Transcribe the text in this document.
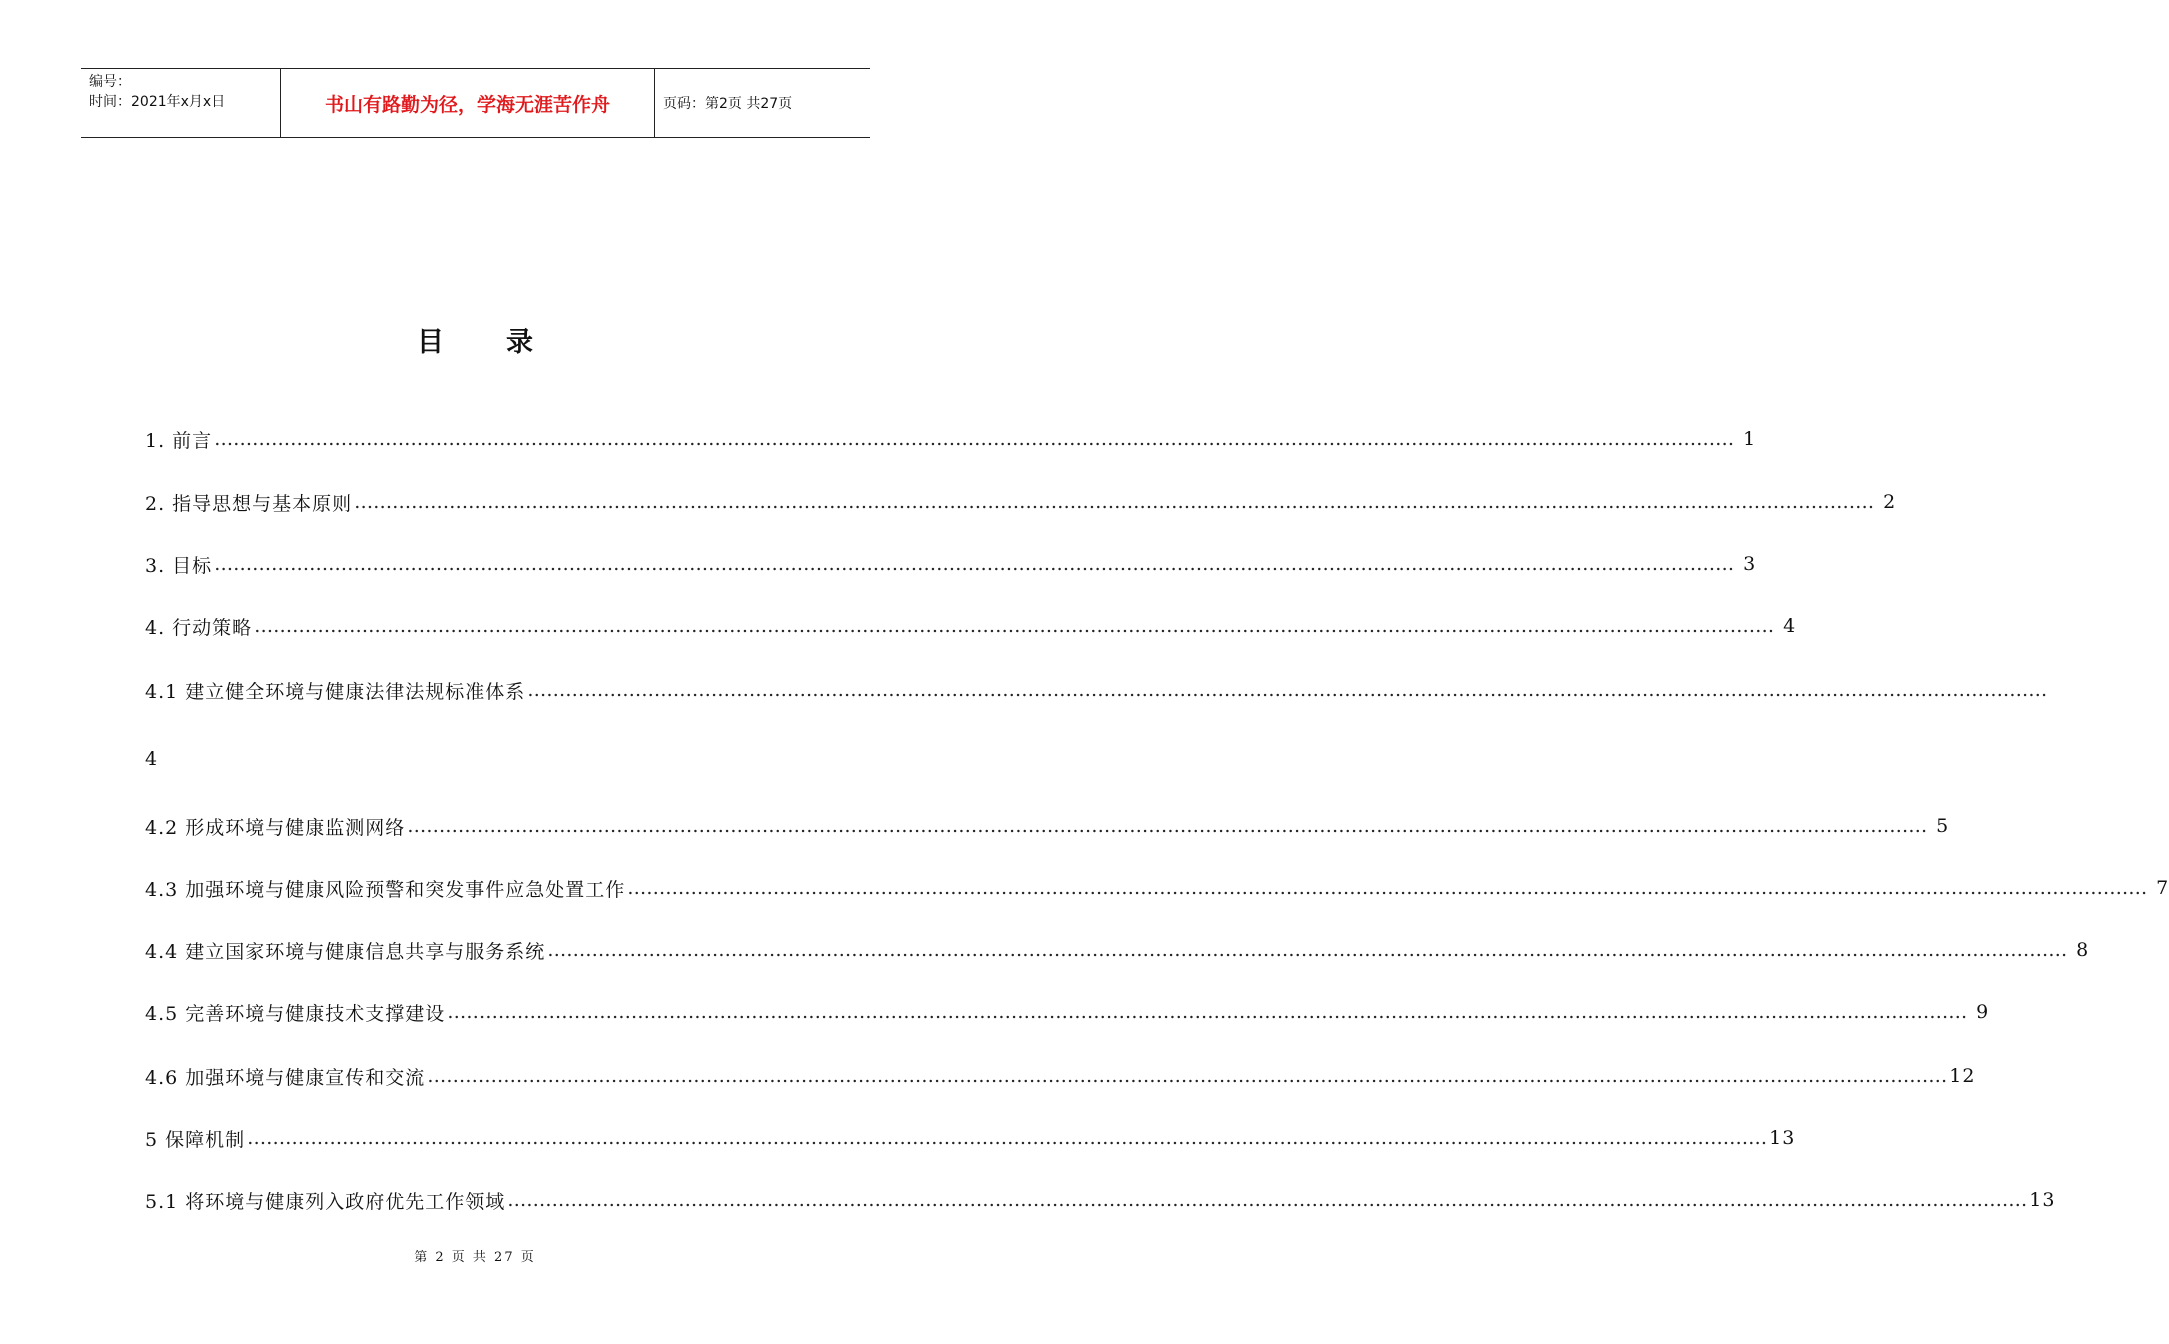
编号：
时间：2021年x月x日	书山有路勤为径，学海无涯苦作舟	页码：第2页 共27页
目 录
1. 前言 …………………………………………………………………………………………………………………………………………………………………………………………………………………… 1
2. 指导思想与基本原则 …………………………………………………………………………………………………………………………………………………………………………………………………………………… 2
3. 目标 …………………………………………………………………………………………………………………………………………………………………………………………………………………… 3
4. 行动策略 …………………………………………………………………………………………………………………………………………………………………………………………………………………… 4
4.1 建立健全环境与健康法律法规标准体系 ……………………………………………………………………………………………………………………………………………………………………………………………………………………
4.2 形成环境与健康监测网络 …………………………………………………………………………………………………………………………………………………………………………………………………………………… 5
4.3 加强环境与健康风险预警和突发事件应急处置工作 …………………………………………………………………………………………………………………………………………………………………………………………………………………… 7
4.4 建立国家环境与健康信息共享与服务系统 …………………………………………………………………………………………………………………………………………………………………………………………………………………… 8
4.5 完善环境与健康技术支撑建设 …………………………………………………………………………………………………………………………………………………………………………………………………………………… 9
4.6 加强环境与健康宣传和交流 …………………………………………………………………………………………………………………………………………………………………………………………………………………… 12
5 保障机制 …………………………………………………………………………………………………………………………………………………………………………………………………………………… 13
5.1 将环境与健康列入政府优先工作领域 …………………………………………………………………………………………………………………………………………………………………………………………………………………… 13
4
第 2 页 共 27 页
